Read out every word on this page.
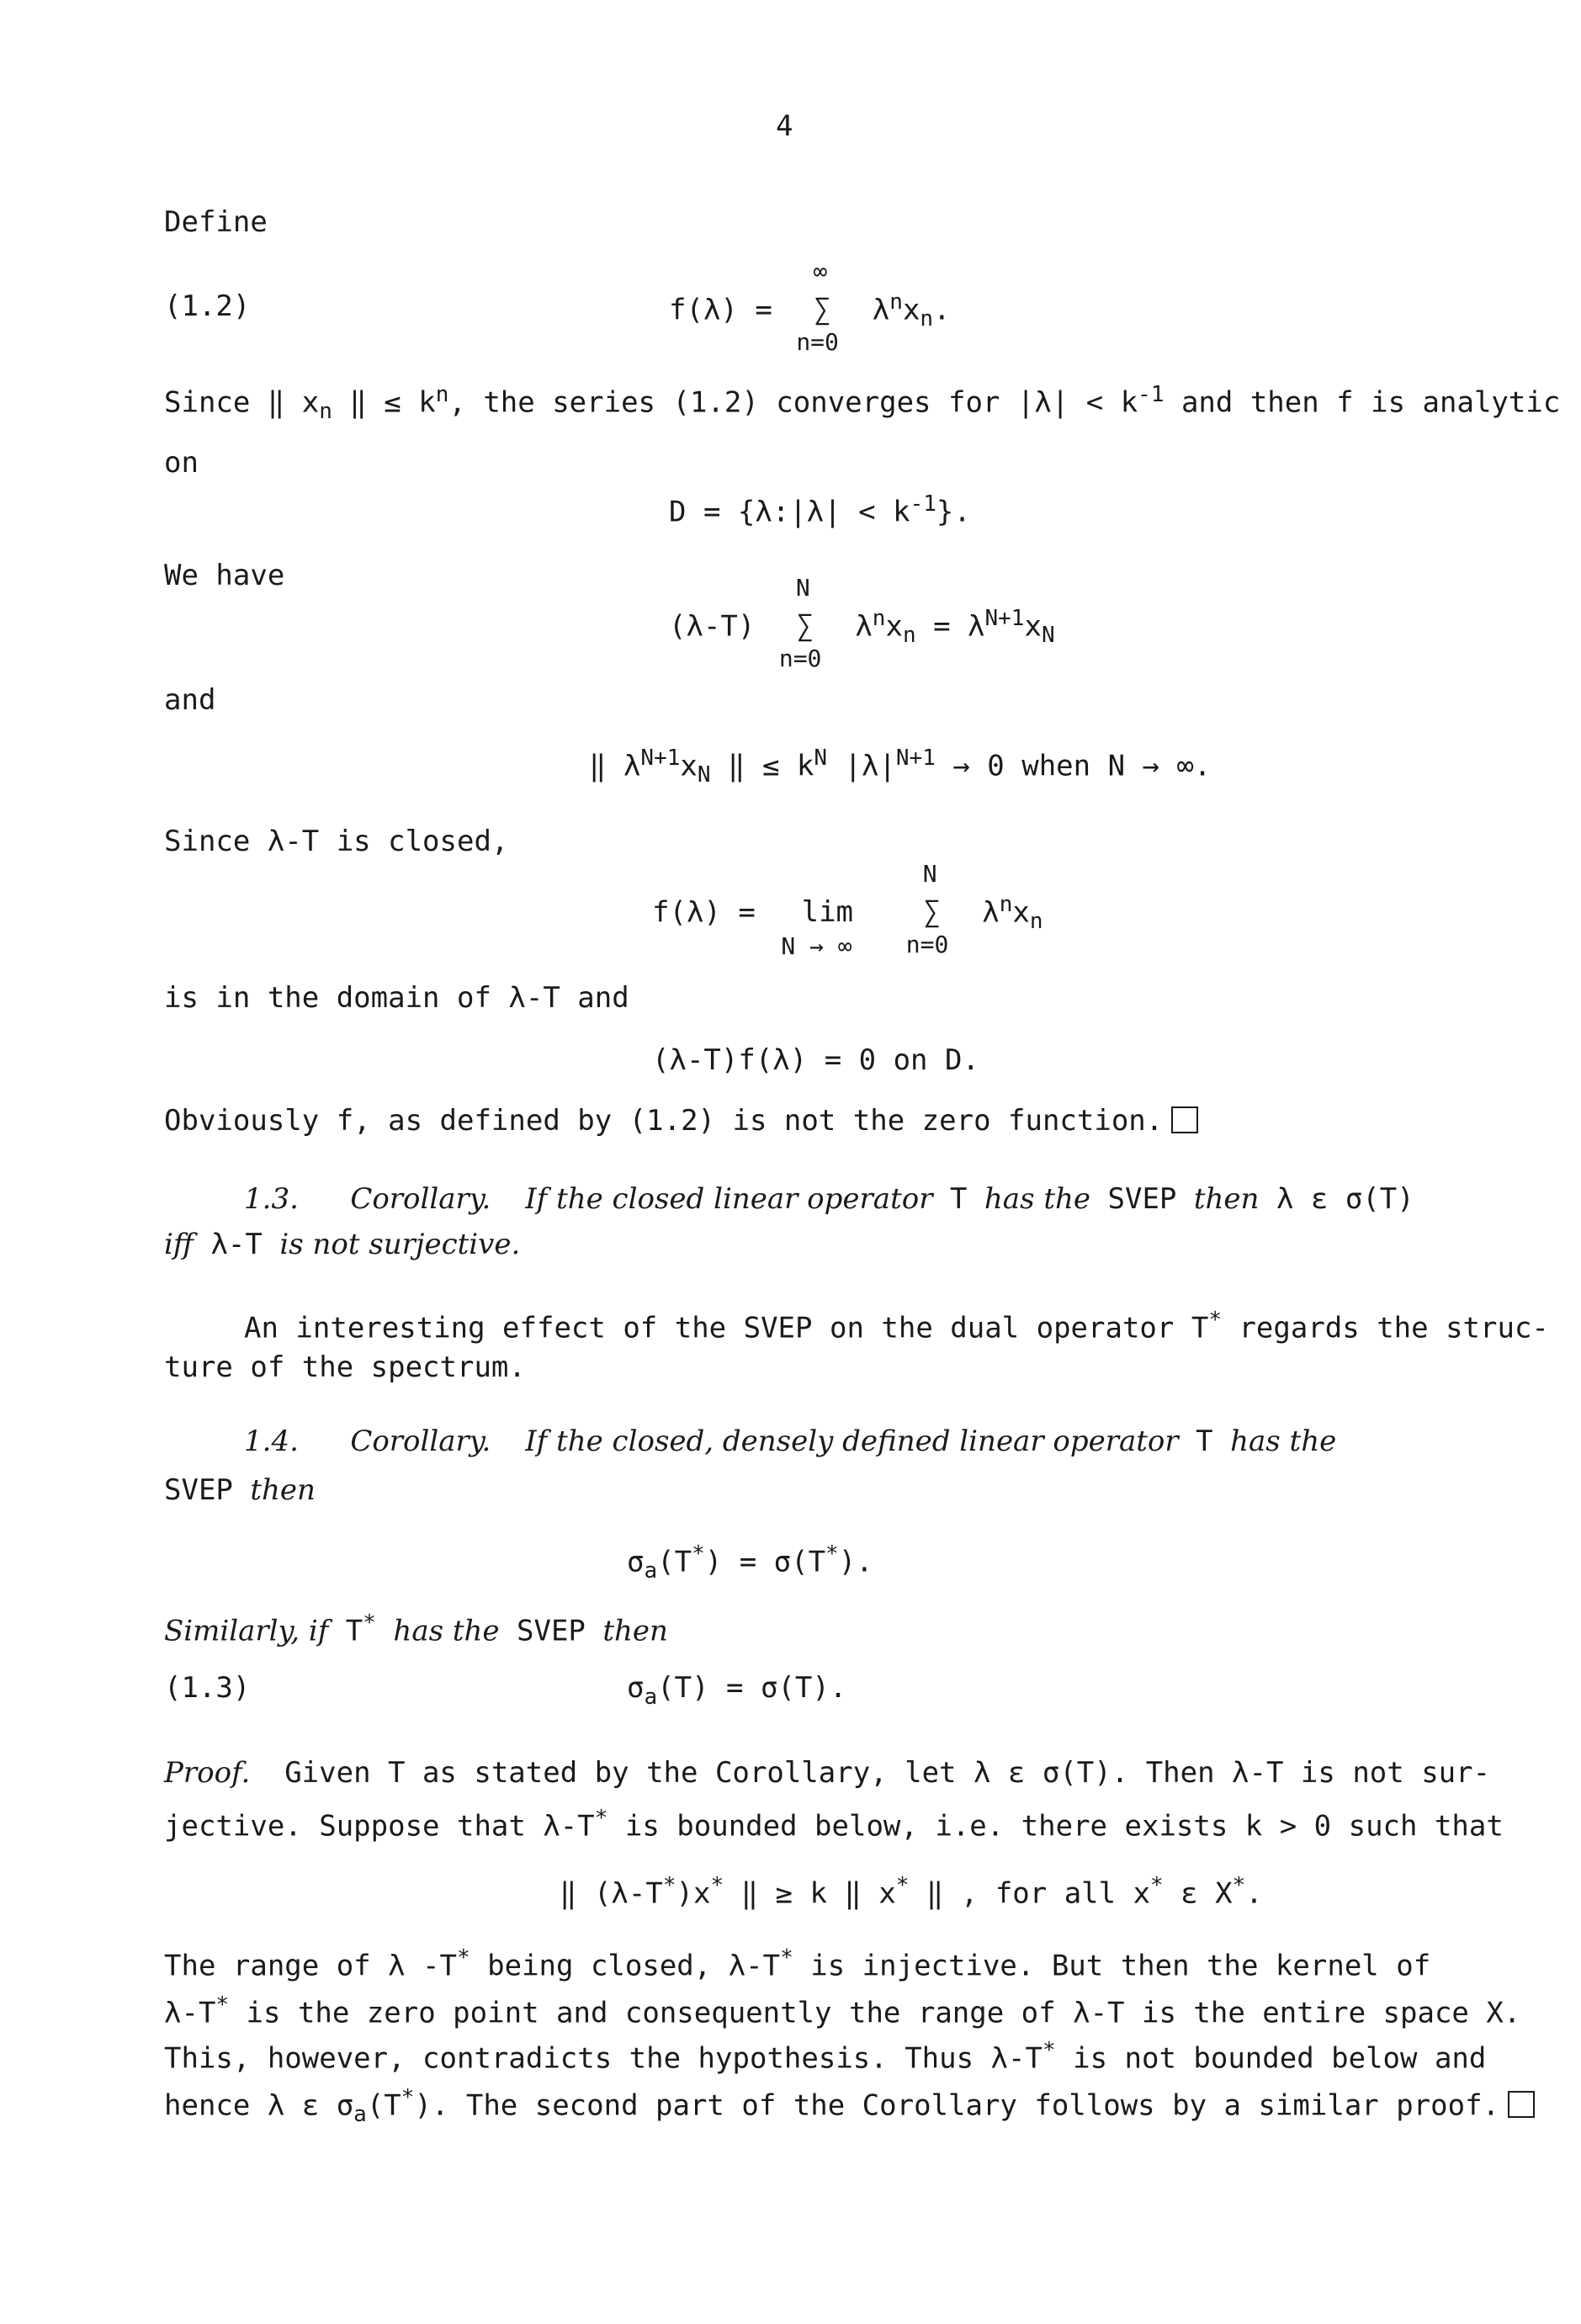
4
Define
(1.2)	f(λ) =
∞
∑
n=0
$\lambda^nx_n$.
Since ‖ $x_n$ ‖ ≤ $k^n$, the series (1.2) converges for $|\lambda| < k^{-1}$ and then f is analytic
on
D = {λ:|λ| < $k^{-1}$}.
We have
(λ-T)
N
∑
n=0
$\lambda^nx_n = \lambda^{N+1}x_N$
and
‖ $\lambda^{N+1}x_N$ ‖ ≤ $k^N$ $|\lambda|^{N+1} \to 0$ when N → ∞.
Since λ-T is closed,
f(λ) = lim
N → ∞

N
∑
n=0
$\lambda^nx_n$
is in the domain of λ-T and
(λ-T)f(λ) = 0 on D.
Obviously f, as defined by (1.2) is not the zero function.
1.3. Corollary. If the closed linear operator T has the SVEP then λ ε σ(T)
iff λ-T is not surjective.
An interesting effect of the SVEP on the dual operator T* regards the struc-
ture of the spectrum.
1.4. Corollary. If the closed, densely defined linear operator T has the
SVEP then
$\sigma_a(T^*) = \sigma(T^*)$.
Similarly, if T* has the SVEP then
(1.3)	$\sigma_a(T) = \sigma(T)$.
Proof. Given T as stated by the Corollary, let λ ε σ(T). Then λ-T is not sur-
jective. Suppose that λ-T* is bounded below, i.e. there exists k > 0 such that
‖ (λ-T*)x* ‖ ≥ k ‖ x* ‖ , for all x* ε X*.
The range of λ -T* being closed, λ-T* is injective. But then the kernel of
λ-T* is the zero point and consequently the range of λ-T is the entire space X.
This, however, contradicts the hypothesis. Thus λ-T* is not bounded below and
hence λ ε $\sigma_a(T^*)$. The second part of the Corollary follows by a similar proof.
